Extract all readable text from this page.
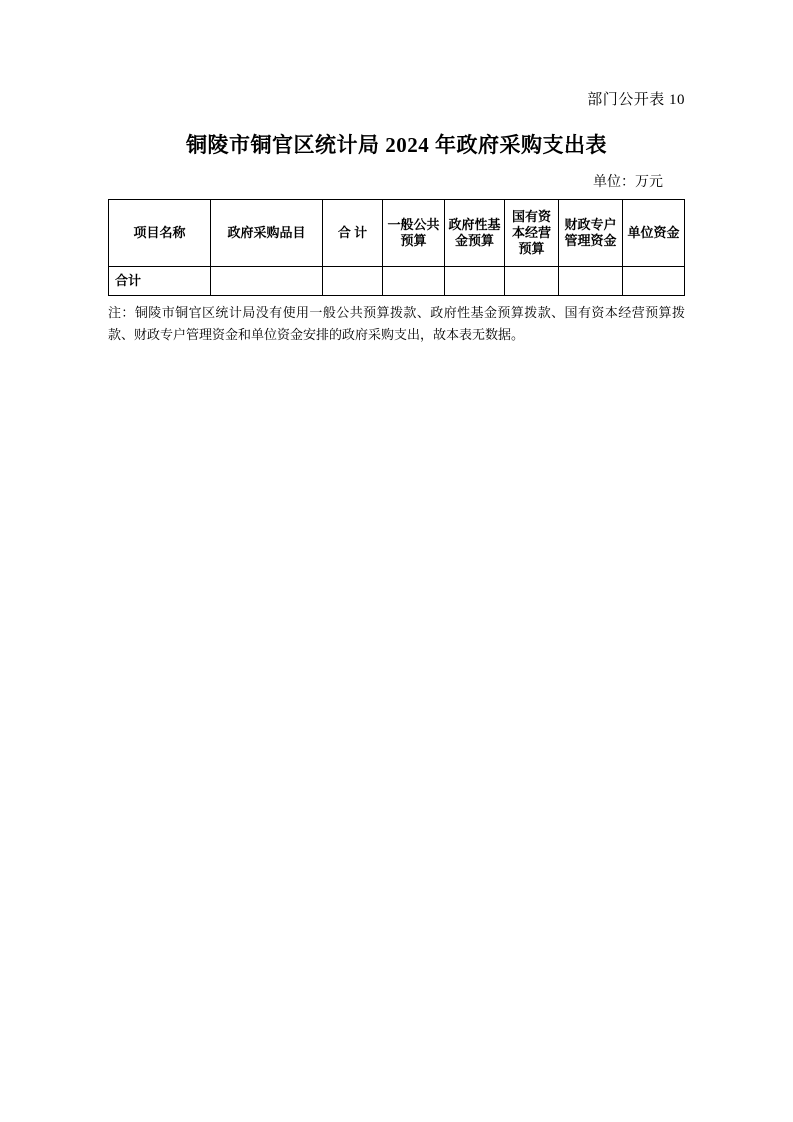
部门公开表 10
铜陵市铜官区统计局 2024 年政府采购支出表
单位：万元
项目名称	政府采购品目	合 计	一般公共预算	政府性基金预算	国有资本经营预算	财政专户管理资金	单位资金
合计							
注：铜陵市铜官区统计局没有使用一般公共预算拨款、政府性基金预算拨款、国有资本经营预算拨款、财政专户管理资金和单位资金安排的政府采购支出，故本表无数据。
